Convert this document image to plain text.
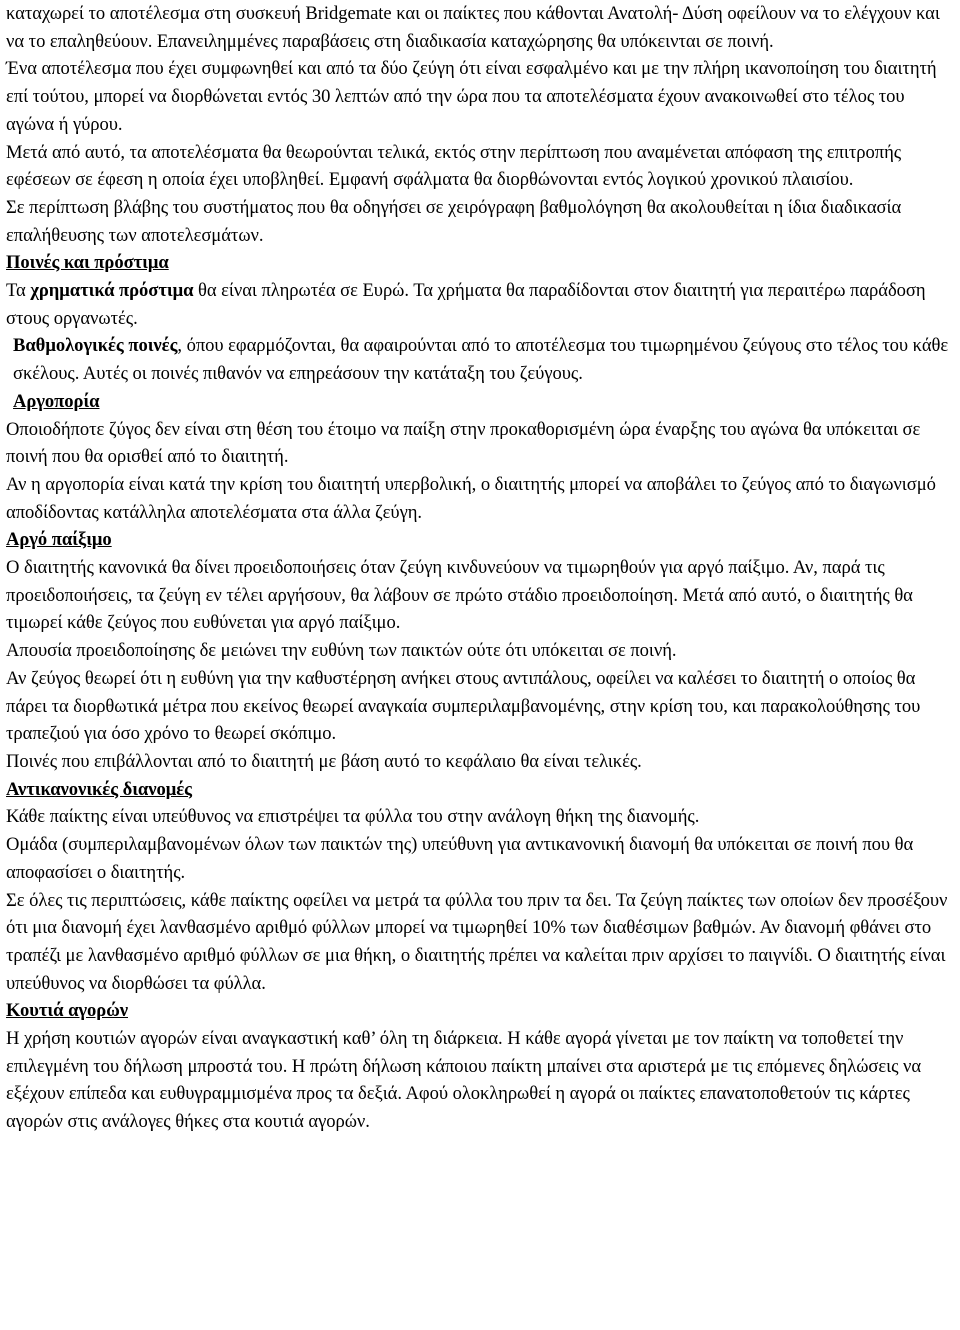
καταχωρεί το αποτέλεσμα στη συσκευή Bridgemate και οι παίκτες που κάθονται Ανατολή- Δύση οφείλουν να το ελέγχουν και να το επαληθεύουν. Επανειλημμένες παραβάσεις στη διαδικασία καταχώρησης θα υπόκεινται σε ποινή.

Ένα αποτέλεσμα που έχει συμφωνηθεί και από τα δύο ζεύγη ότι είναι εσφαλμένο και με την πλήρη ικανοποίηση του διαιτητή επί τούτου, μπορεί να διορθώνεται εντός 30 λεπτών από την ώρα που τα αποτελέσματα έχουν ανακοινωθεί στο τέλος του αγώνα ή γύρου.

Μετά από αυτό, τα αποτελέσματα θα θεωρούνται τελικά, εκτός στην περίπτωση που αναμένεται απόφαση της επιτροπής εφέσεων σε έφεση η οποία έχει υποβληθεί. Εμφανή σφάλματα θα διορθώνονται εντός λογικού χρονικού πλαισίου.

Σε περίπτωση βλάβης του συστήματος που θα οδηγήσει σε χειρόγραφη βαθμολόγηση θα ακολουθείται η ίδια διαδικασία επαλήθευσης των αποτελεσμάτων.

Ποινές και πρόστιμα

Τα χρηματικά πρόστιμα θα είναι πληρωτέα σε Ευρώ. Τα χρήματα θα παραδίδονται στον διαιτητή για περαιτέρω παράδοση στους οργανωτές.

Βαθμολογικές ποινές, όπου εφαρμόζονται, θα αφαιρούνται από το αποτέλεσμα του τιμωρημένου ζεύγους στο τέλος του κάθε σκέλους. Αυτές οι ποινές πιθανόν να επηρεάσουν την κατάταξη του ζεύγους.

Αργοπορία

Οποιοδήποτε ζύγος δεν είναι στη θέση του έτοιμο να παίξη στην προκαθορισμένη ώρα έναρξης του αγώνα θα υπόκειται σε ποινή που θα ορισθεί από το διαιτητή.

Αν η αργοπορία είναι κατά την κρίση του διαιτητή υπερβολική, ο διαιτητής μπορεί να αποβάλει το ζεύγος από το διαγωνισμό αποδίδοντας κατάλληλα αποτελέσματα στα άλλα ζεύγη.

Αργό παίξιμο

Ο διαιτητής κανονικά θα δίνει προειδοποιήσεις όταν ζεύγη κινδυνεύουν να τιμωρηθούν για αργό παίξιμο. Αν, παρά τις προειδοποιήσεις, τα ζεύγη εν τέλει αργήσουν, θα λάβουν σε πρώτο στάδιο προειδοποίηση. Μετά από αυτό, ο διαιτητής θα τιμωρεί κάθε ζεύγος που ευθύνεται για αργό παίξιμο.

Απουσία προειδοποίησης δε μειώνει την ευθύνη των παικτών ούτε ότι υπόκειται σε ποινή.

Αν ζεύγος θεωρεί ότι η ευθύνη για την καθυστέρηση ανήκει στους αντιπάλους, οφείλει να καλέσει το διαιτητή ο οποίος θα πάρει τα διορθωτικά μέτρα που εκείνος θεωρεί αναγκαία συμπεριλαμβανομένης, στην κρίση του, και παρακολούθησης του τραπεζιού για όσο χρόνο το θεωρεί σκόπιμο.

Ποινές που επιβάλλονται από το διαιτητή με βάση αυτό το κεφάλαιο θα είναι τελικές.

Αντικανονικές διανομές

Κάθε παίκτης είναι υπεύθυνος να επιστρέψει τα φύλλα του στην ανάλογη θήκη της διανομής.

Ομάδα (συμπεριλαμβανομένων όλων των παικτών της) υπεύθυνη για αντικανονική διανομή θα υπόκειται σε ποινή που θα αποφασίσει ο διαιτητής.

Σε όλες τις περιπτώσεις, κάθε παίκτης οφείλει να μετρά τα φύλλα του πριν τα δει. Τα ζεύγη παίκτες των οποίων δεν προσέξουν ότι μια διανομή έχει λανθασμένο αριθμό φύλλων μπορεί να τιμωρηθεί 10% των διαθέσιμων βαθμών. Αν διανομή φθάνει στο τραπέζι με λανθασμένο αριθμό φύλλων σε μια θήκη, ο διαιτητής πρέπει να καλείται πριν αρχίσει το παιγνίδι. Ο διαιτητής είναι υπεύθυνος να διορθώσει τα φύλλα.

Κουτιά αγορών

Η χρήση κουτιών αγορών είναι αναγκαστική καθ’ όλη τη διάρκεια. Η κάθε αγορά γίνεται με τον παίκτη να τοποθετεί την επιλεγμένη του δήλωση μπροστά του. Η πρώτη δήλωση κάποιου παίκτη μπαίνει στα αριστερά με τις επόμενες δηλώσεις να εξέχουν επίπεδα και ευθυγραμμισμένα προς τα δεξιά. Αφού ολοκληρωθεί η αγορά οι παίκτες επανατοποθετούν τις κάρτες αγορών στις ανάλογες θήκες στα κουτιά αγορών.
